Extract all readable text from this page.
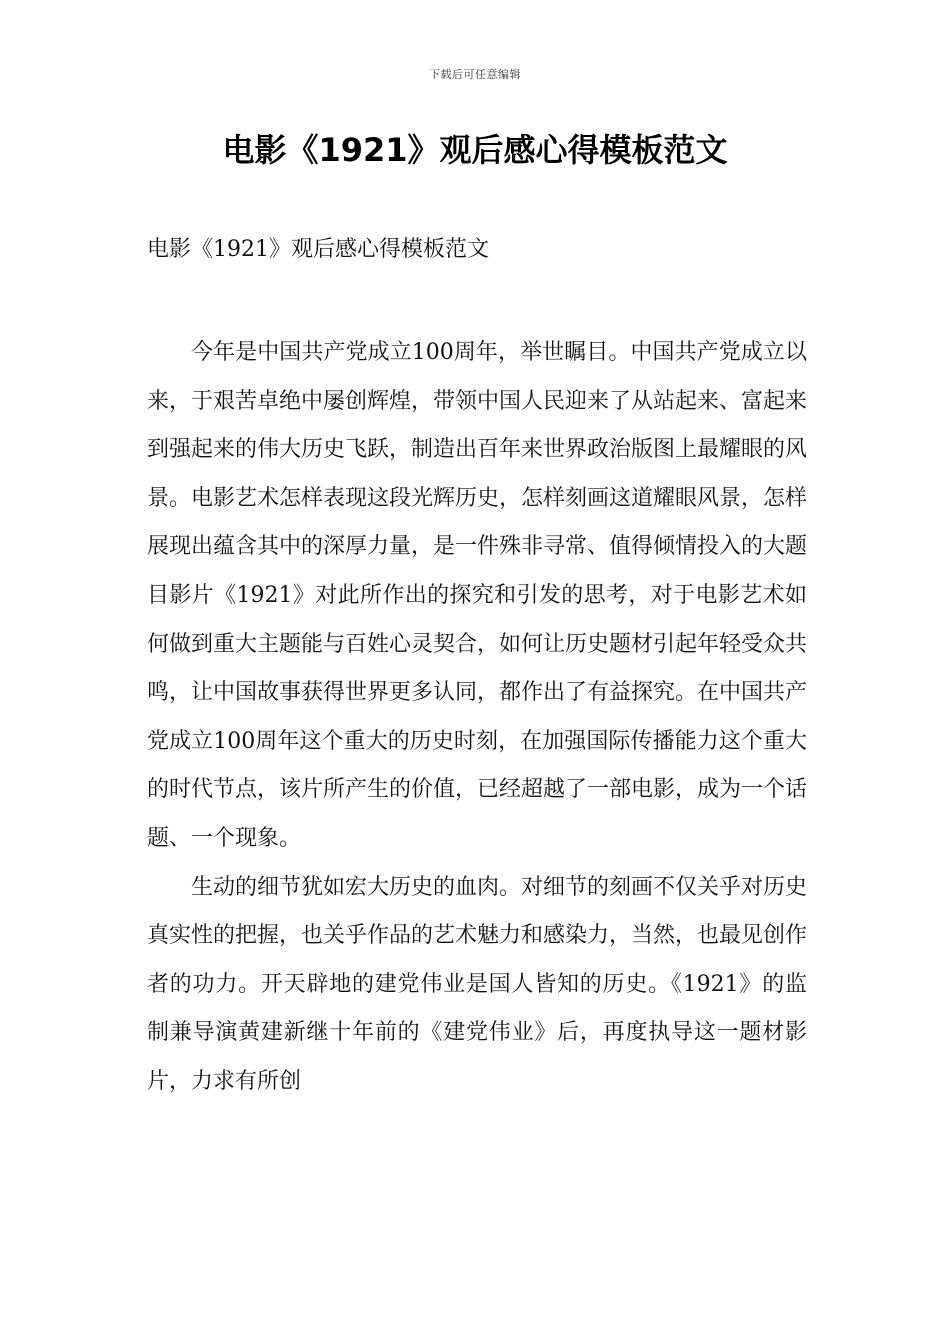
下载后可任意编辑
电影《1921》观后感心得模板范文

电影《1921》观后感心得模板范文

今年是中国共产党成立100周年，举世瞩目。中国共产党成立以来，于艰苦卓绝中屡创辉煌，带领中国人民迎来了从站起来、富起来到强起来的伟大历史飞跃，制造出百年来世界政治版图上最耀眼的风景。电影艺术怎样表现这段光辉历史，怎样刻画这道耀眼风景，怎样展现出蕴含其中的深厚力量，是一件殊非寻常、值得倾情投入的大题目影片《1921》对此所作出的探究和引发的思考，对于电影艺术如何做到重大主题能与百姓心灵契合，如何让历史题材引起年轻受众共鸣，让中国故事获得世界更多认同，都作出了有益探究。在中国共产党成立100周年这个重大的历史时刻，在加强国际传播能力这个重大的时代节点，该片所产生的价值，已经超越了一部电影，成为一个话题、一个现象。

生动的细节犹如宏大历史的血肉。对细节的刻画不仅关乎对历史真实性的把握，也关乎作品的艺术魅力和感染力，当然，也最见创作者的功力。开天辟地的建党伟业是国人皆知的历史。《1921》的监制兼导演黄建新继十年前的《建党伟业》后，再度执导这一题材影片，力求有所创
